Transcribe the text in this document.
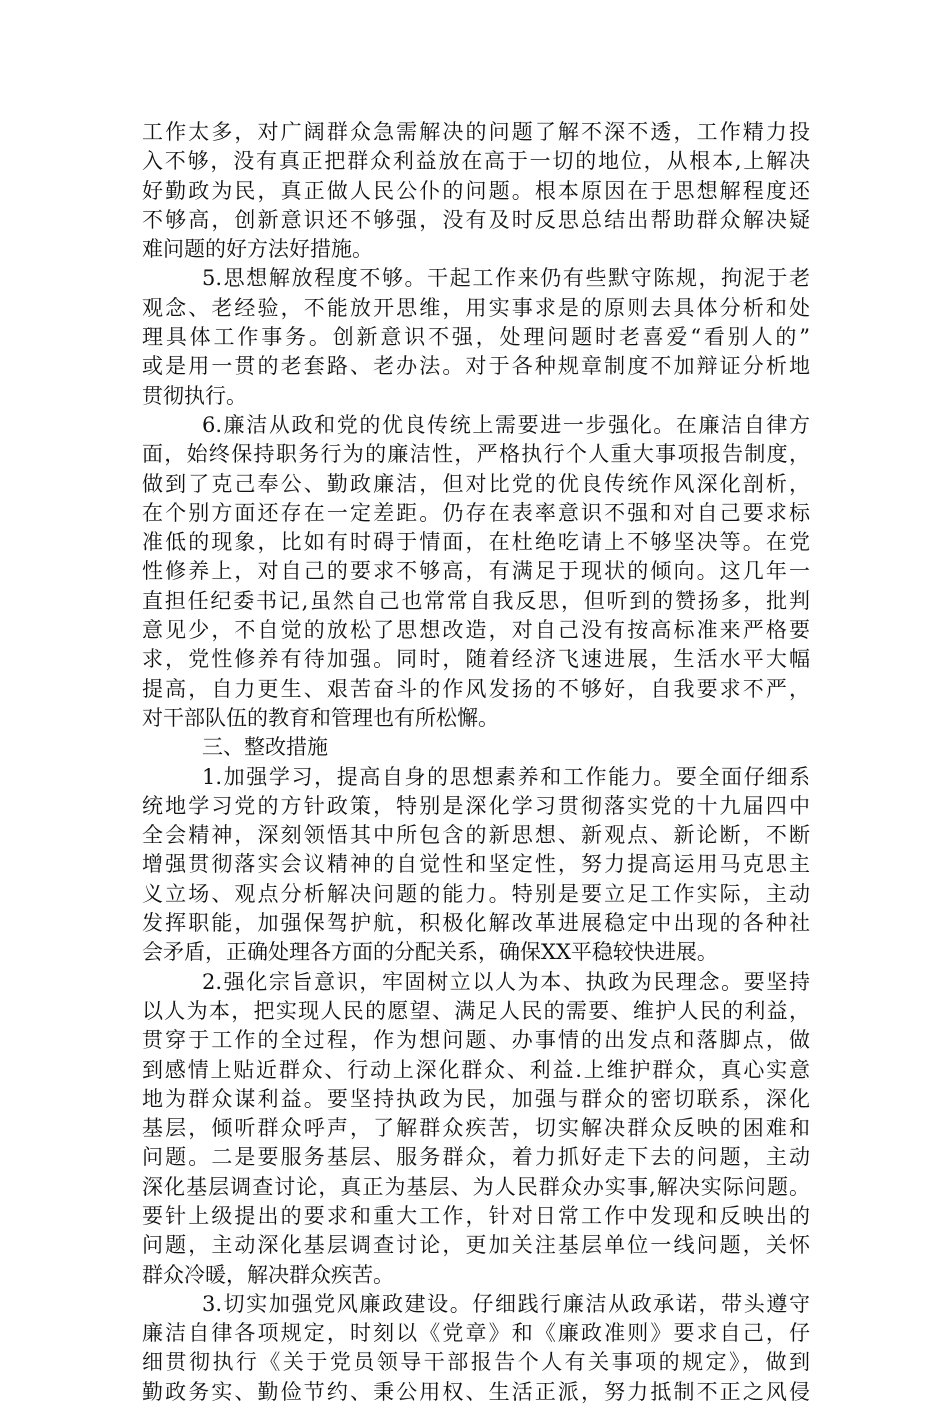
工作太多，对广阔群众急需解决的问题了解不深不透，工作精力投
入不够，没有真正把群众利益放在高于一切的地位，从根本,上解决
好勤政为民，真正做人民公仆的问题。根本原因在于思想解程度还
不够高，创新意识还不够强，没有及时反思总结出帮助群众解决疑
难问题的好方法好措施。
5.思想解放程度不够。干起工作来仍有些默守陈规，拘泥于老
观念、老经验，不能放开思维，用实事求是的原则去具体分析和处
理具体工作事务。创新意识不强，处理问题时老喜爱“看别人的”
或是用一贯的老套路、老办法。对于各种规章制度不加辩证分析地
贯彻执行。
6.廉洁从政和党的优良传统上需要进一步强化。在廉洁自律方
面，始终保持职务行为的廉洁性，严格执行个人重大事项报告制度，
做到了克己奉公、勤政廉洁，但对比党的优良传统作风深化剖析，
在个别方面还存在一定差距。仍存在表率意识不强和对自己要求标
准低的现象，比如有时碍于情面，在杜绝吃请上不够坚决等。在党
性修养上，对自己的要求不够高，有满足于现状的倾向。这几年一
直担任纪委书记,虽然自己也常常自我反思，但听到的赞扬多，批判
意见少，不自觉的放松了思想改造，对自己没有按高标准来严格要
求，党性修养有待加强。同时，随着经济飞速进展，生活水平大幅
提高，自力更生、艰苦奋斗的作风发扬的不够好，自我要求不严，
对干部队伍的教育和管理也有所松懈。
三、整改措施
1.加强学习，提高自身的思想素养和工作能力。要全面仔细系
统地学习党的方针政策，特别是深化学习贯彻落实党的十九届四中
全会精神，深刻领悟其中所包含的新思想、新观点、新论断，不断
增强贯彻落实会议精神的自觉性和坚定性，努力提高运用马克思主
义立场、观点分析解决问题的能力。特别是要立足工作实际，主动
发挥职能，加强保驾护航，积极化解改革进展稳定中出现的各种社
会矛盾，正确处理各方面的分配关系，确保XX平稳较快进展。
2.强化宗旨意识，牢固树立以人为本、执政为民理念。要坚持
以人为本，把实现人民的愿望、满足人民的需要、维护人民的利益，
贯穿于工作的全过程，作为想问题、办事情的出发点和落脚点，做
到感情上贴近群众、行动上深化群众、利益.上维护群众，真心实意
地为群众谋利益。要坚持执政为民，加强与群众的密切联系，深化
基层，倾听群众呼声，了解群众疾苦，切实解决群众反映的困难和
问题。二是要服务基层、服务群众，着力抓好走下去的问题，主动
深化基层调查讨论，真正为基层、为人民群众办实事,解决实际问题。
要针上级提出的要求和重大工作，针对日常工作中发现和反映出的
问题，主动深化基层调查讨论，更加关注基层单位一线问题，关怀
群众冷暖，解决群众疾苦。
3.切实加强党风廉政建设。仔细践行廉洁从政承诺，带头遵守
廉洁自律各项规定，时刻以《党章》和《廉政准则》要求自己，仔
细贯彻执行《关于党员领导干部报告个人有关事项的规定》，做到
勤政务实、勤俭节约、秉公用权、生活正派，努力抵制不正之风侵
